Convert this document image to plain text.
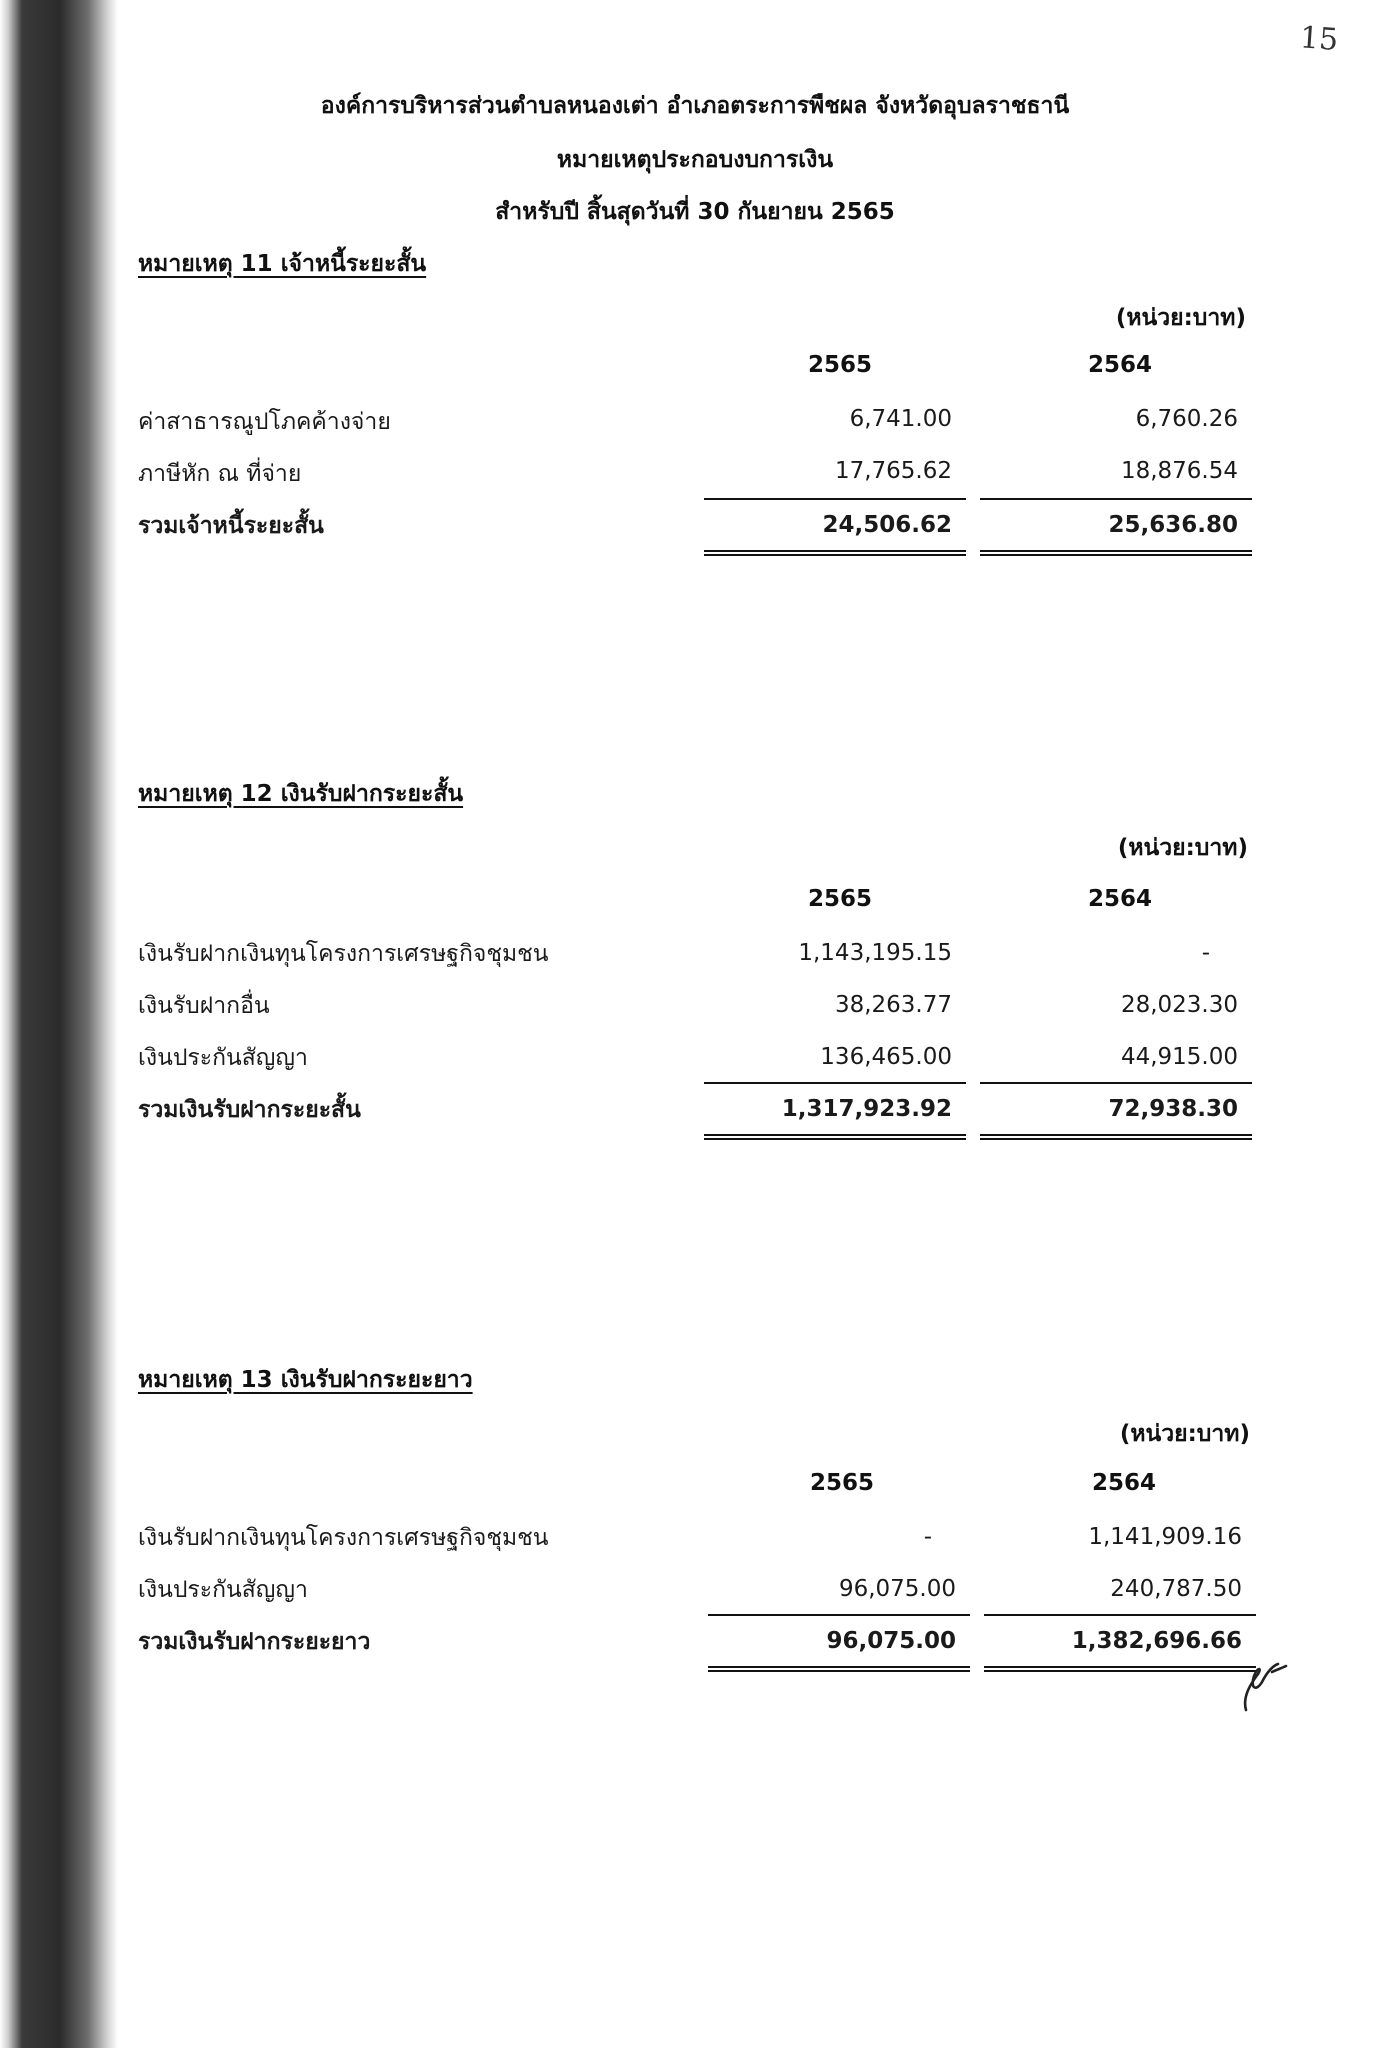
15
องค์การบริหารส่วนตำบลหนองเต่า อำเภอตระการพืชผล จังหวัดอุบลราชธานี
หมายเหตุประกอบงบการเงิน
สำหรับปี สิ้นสุดวันที่ 30 กันยายน 2565
หมายเหตุ 11 เจ้าหนี้ระยะสั้น
(หน่วย:บาท)
2565	2564
ค่าสาธารณูปโภคค้างจ่าย	6,741.00	6,760.26
ภาษีหัก ณ ที่จ่าย	17,765.62	18,876.54
รวมเจ้าหนี้ระยะสั้น	24,506.62	25,636.80
หมายเหตุ 12 เงินรับฝากระยะสั้น
(หน่วย:บาท)
2565	2564
เงินรับฝากเงินทุนโครงการเศรษฐกิจชุมชน	1,143,195.15	-
เงินรับฝากอื่น	38,263.77	28,023.30
เงินประกันสัญญา	136,465.00	44,915.00
รวมเงินรับฝากระยะสั้น	1,317,923.92	72,938.30
หมายเหตุ 13 เงินรับฝากระยะยาว
(หน่วย:บาท)
2565	2564
เงินรับฝากเงินทุนโครงการเศรษฐกิจชุมชน	-	1,141,909.16
เงินประกันสัญญา	96,075.00	240,787.50
รวมเงินรับฝากระยะยาว	96,075.00	1,382,696.66
